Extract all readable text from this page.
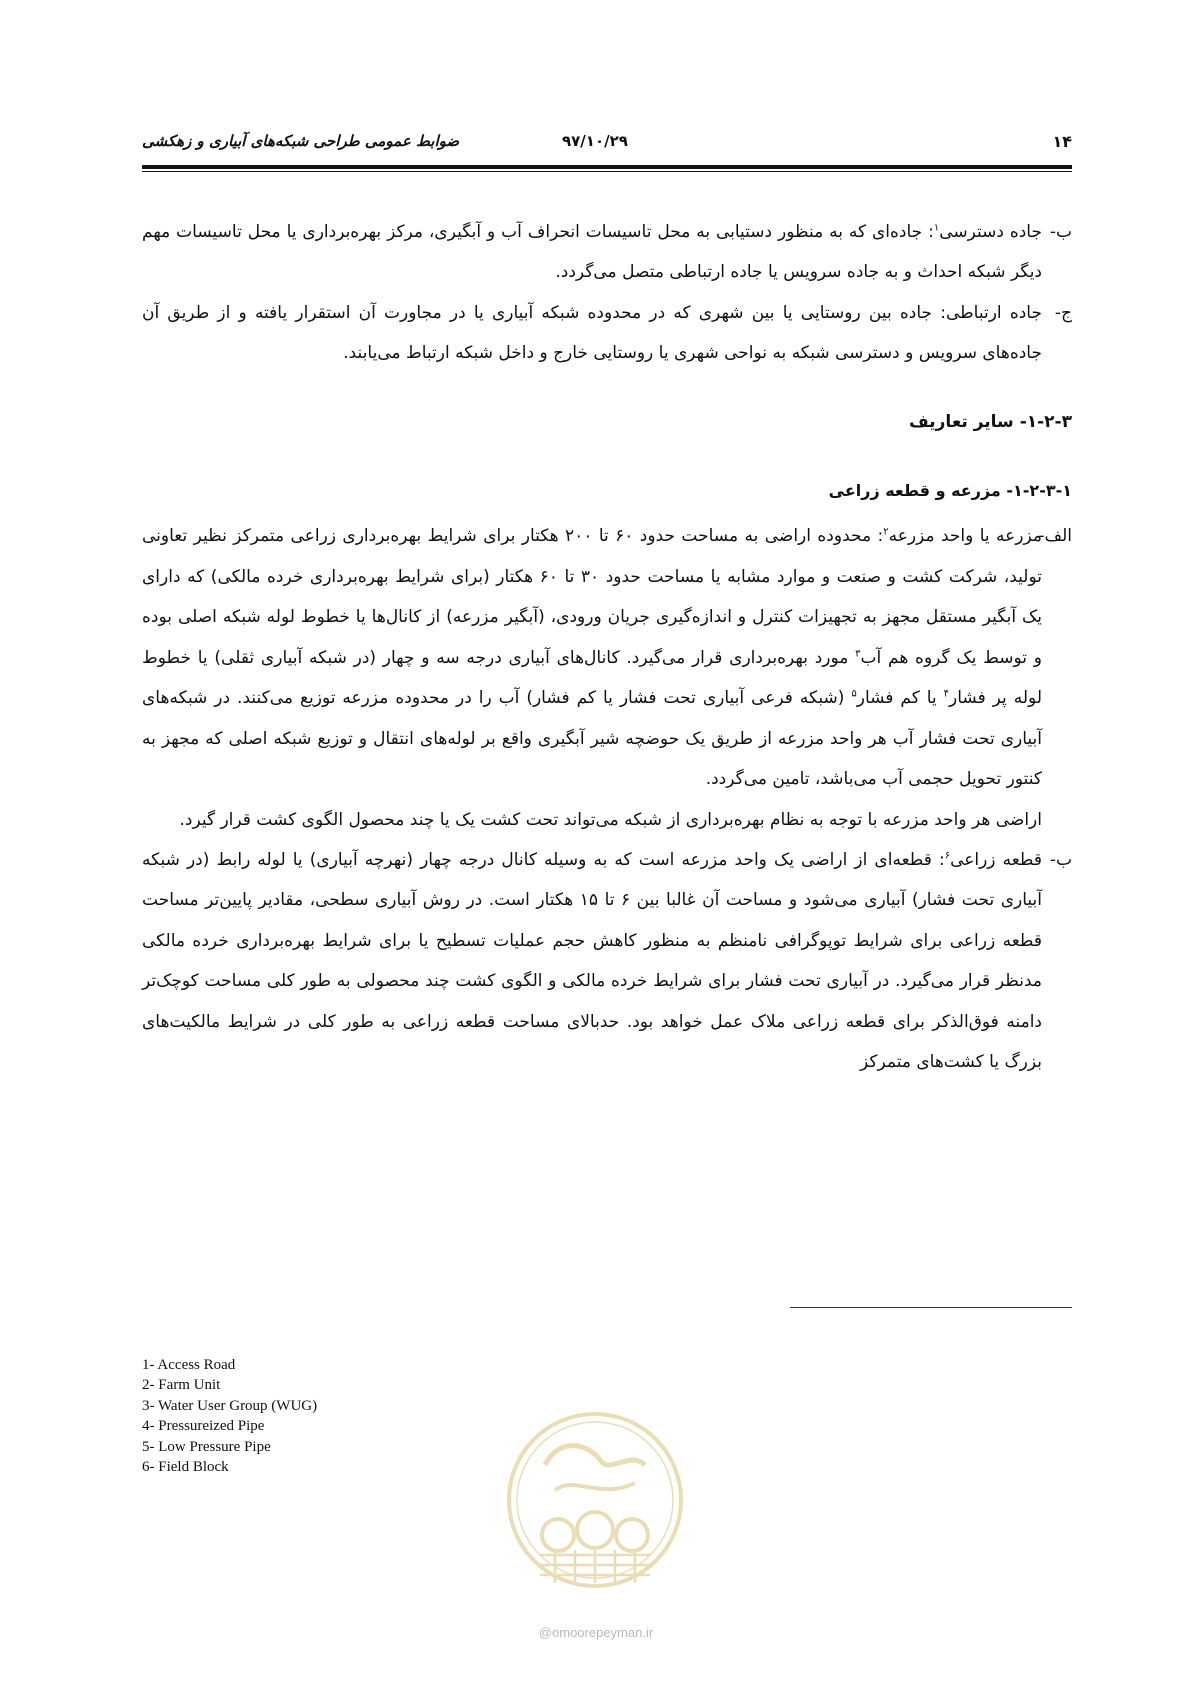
۱۴
۹۷/۱۰/۲۹
ضوابط عمومی طراحی شبکه‌های آبیاری و زهکشی

ب-
جاده دسترسی$^۱$: جاده‌ای که به منظور دستیابی به محل تاسیسات انحراف آب و آبگیری، مرکز بهره‌برداری یا محل تاسیسات مهم دیگر شبکه احداث و به جاده سرویس یا جاده ارتباطی متصل می‌گردد.

ج-
جاده ارتباطی: جاده بین روستایی یا بین شهری که در محدوده شبکه آبیاری یا در مجاورت آن استقرار یافته و از طریق آن جاده‌های سرویس و دسترسی شبکه به نواحی شهری یا روستایی خارج و داخل شبکه ارتباط می‌یابند.

۱-۲-۳- سایر تعاریف
۱-۲-۳-۱- مزرعه و قطعه زراعی

الف-
مزرعه یا واحد مزرعه$^۲$: محدوده اراضی به مساحت حدود ۶۰ تا ۲۰۰ هکتار برای شرایط بهره‌برداری زراعی متمرکز نظیر تعاونی تولید، شرکت کشت و صنعت و موارد مشابه یا مساحت حدود ۳۰ تا ۶۰ هکتار (برای شرایط بهره‌برداری خرده مالکی) که دارای یک آبگیر مستقل مجهز به تجهیزات کنترل و اندازه‌گیری جریان ورودی، (آبگیر مزرعه) از کانال‌ها یا خطوط لوله شبکه اصلی بوده و توسط یک گروه هم آب$^۳$ مورد بهره‌برداری قرار می‌گیرد. کانال‌های آبیاری درجه سه و چهار (در شبکه آبیاری ثقلی) یا خطوط لوله پر فشار$^۴$ یا کم فشار$^۵$ (شبکه فرعی آبیاری تحت فشار یا کم فشار) آب را در محدوده مزرعه توزیع می‌کنند. در شبکه‌های آبیاری تحت فشار آب هر واحد مزرعه از طریق یک حوضچه شیر آبگیری واقع بر لوله‌های انتقال و توزیع شبکه اصلی که مجهز به کنتور تحویل حجمی آب می‌باشد، تامین می‌گردد.

اراضی هر واحد مزرعه با توجه به نظام بهره‌برداری از شبکه می‌تواند تحت کشت یک یا چند محصول الگوی کشت قرار گیرد.

ب-
قطعه زراعی$^۶$: قطعه‌ای از اراضی یک واحد مزرعه است که به وسیله کانال درجه چهار (نهرچه آبیاری) یا لوله رابط (در شبکه آبیاری تحت فشار) آبیاری می‌شود و مساحت آن غالبا بین ۶ تا ۱۵ هکتار است. در روش آبیاری سطحی، مقادیر پایین‌تر مساحت قطعه زراعی برای شرایط توپوگرافی نامنظم به منظور کاهش حجم عملیات تسطیح یا برای شرایط بهره‌برداری خرده مالکی مدنظر قرار می‌گیرد. در آبیاری تحت فشار برای شرایط خرده مالکی و الگوی کشت چند محصولی به طور کلی مساحت کوچک‌تر دامنه فوق‌الذکر برای قطعه زراعی ملاک عمل خواهد بود. حدبالای مساحت قطعه زراعی به طور کلی در شرایط مالکیت‌های بزرگ یا کشت‌های متمرکز

1- Access Road
2- Farm Unit
3- Water User Group (WUG)
4- Pressureized Pipe
5- Low Pressure Pipe
6- Field Block
@omoorepeyman.ir
